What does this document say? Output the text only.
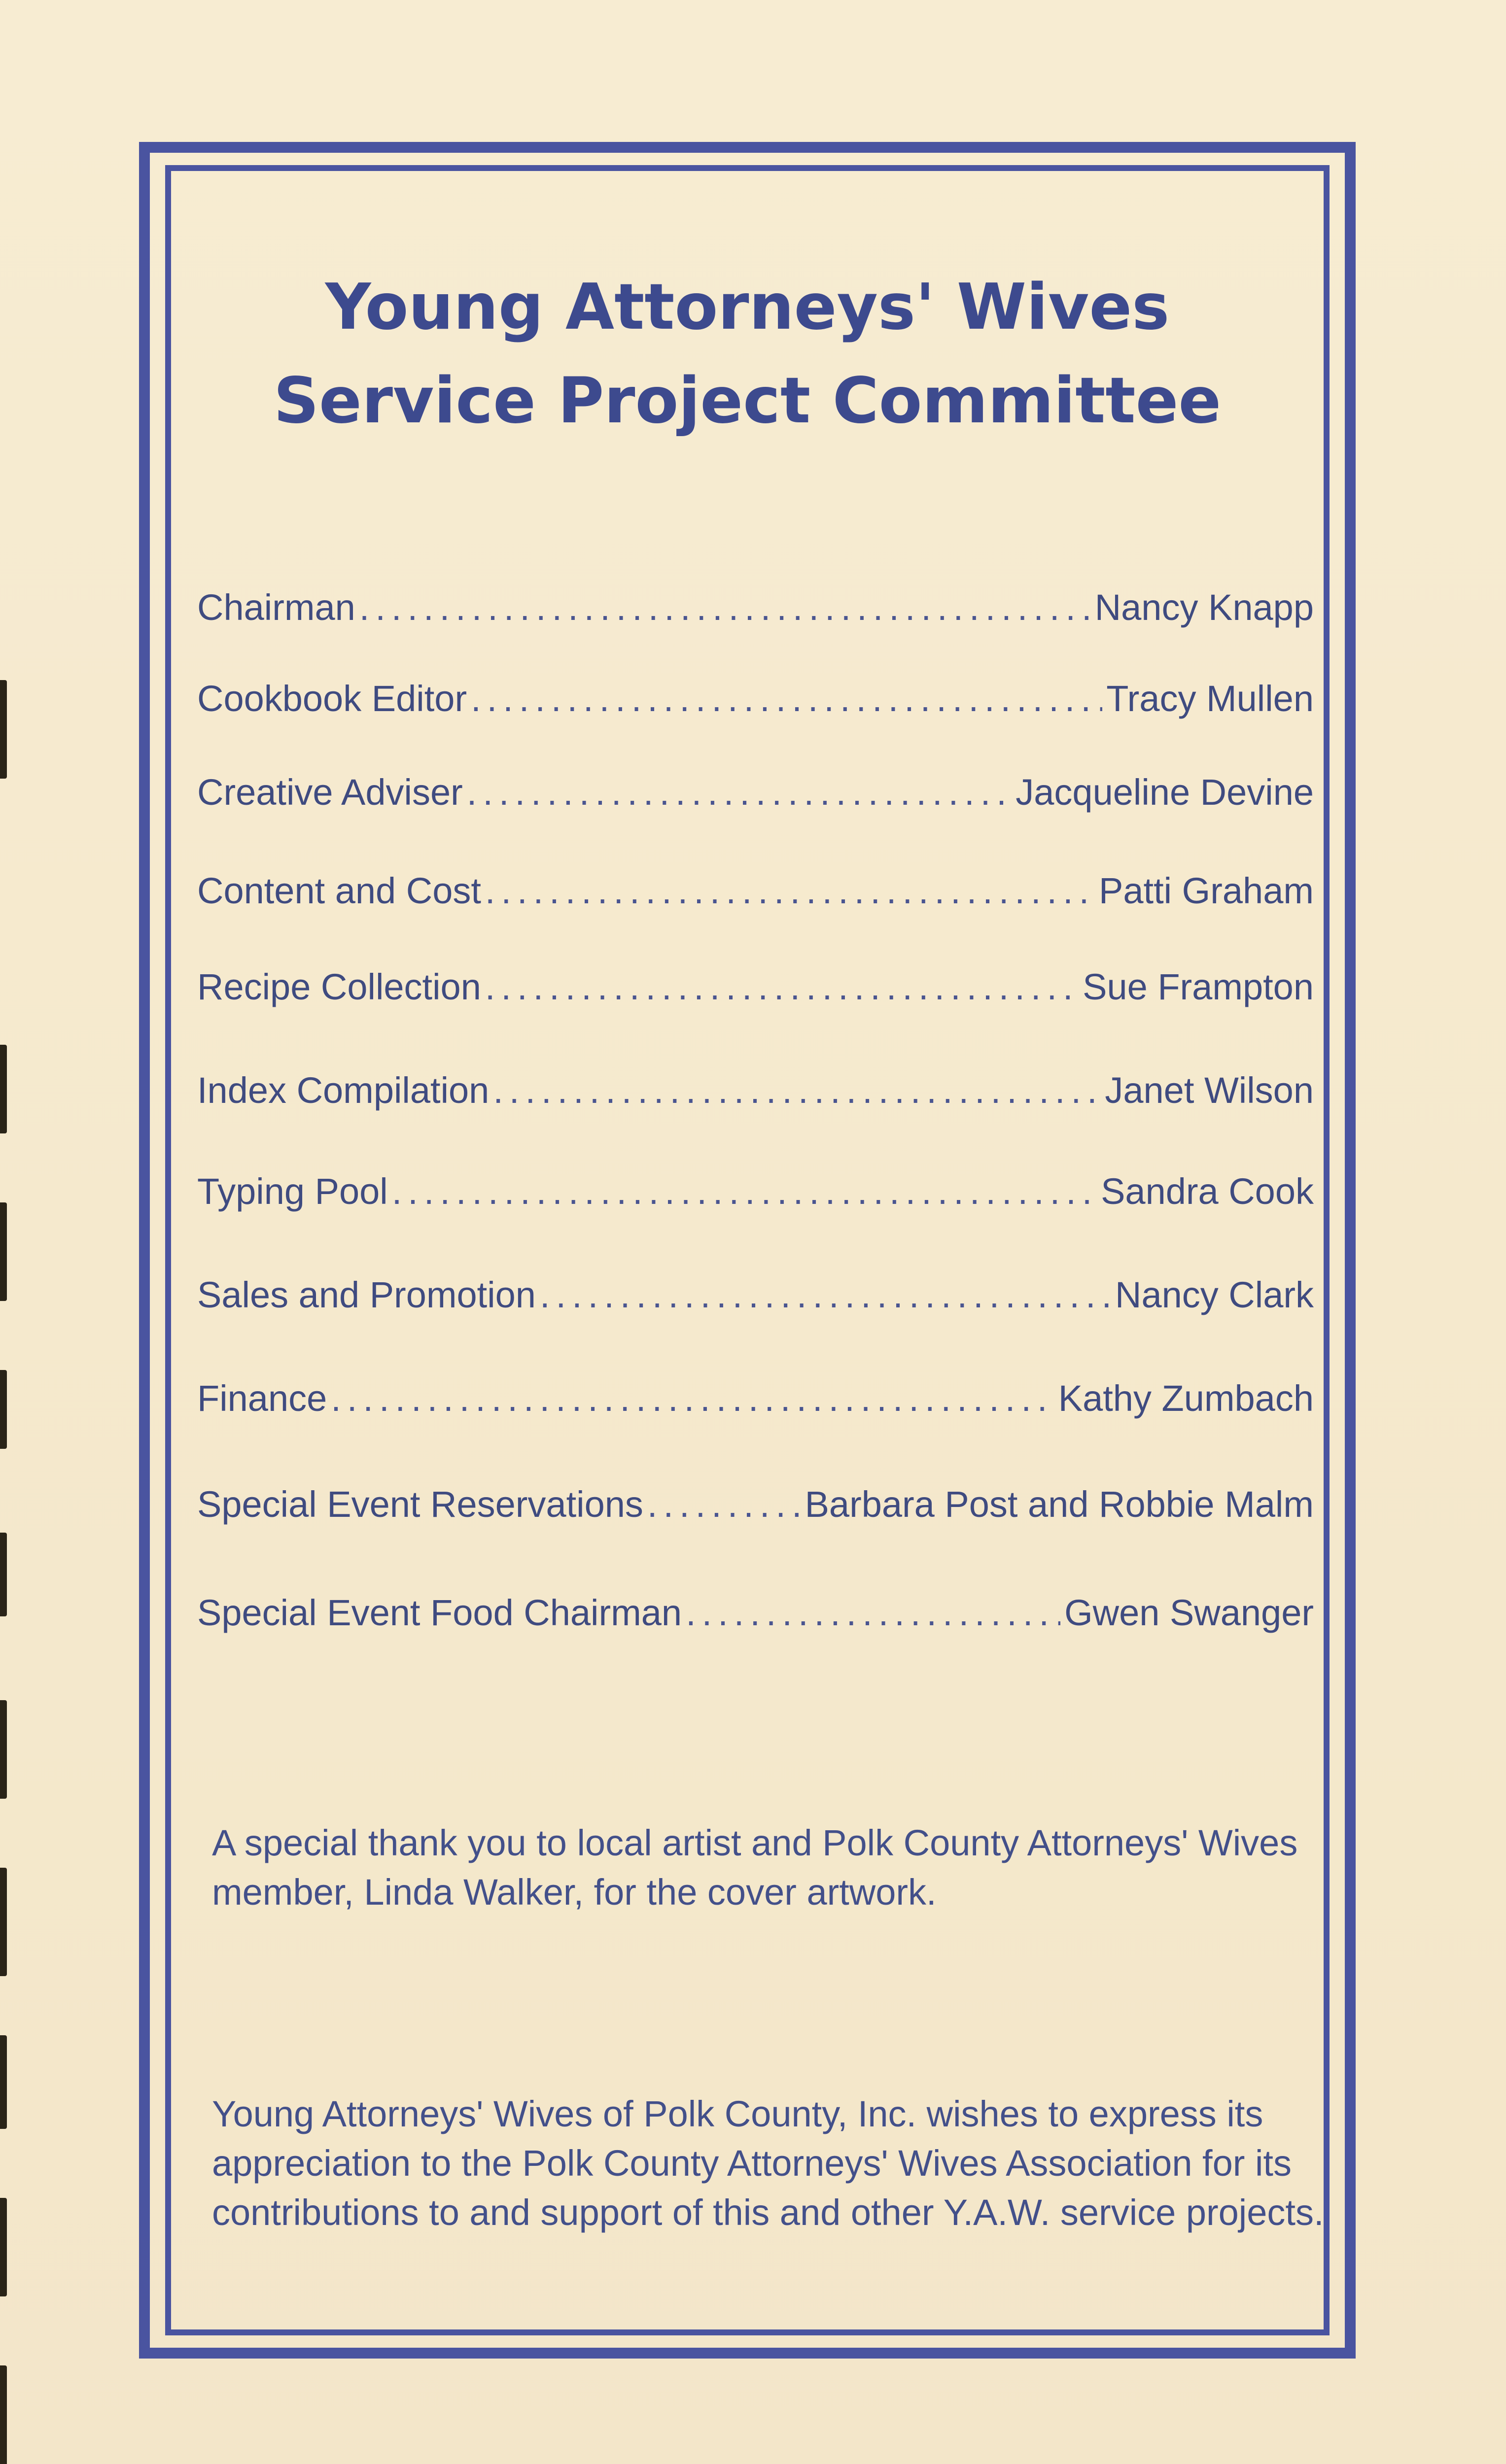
Young Attorneys' Wives
Service Project Committee
Chairman .....	Nancy Knapp
Cookbook Editor .....	Tracy Mullen
Creative Adviser .....	Jacqueline Devine
Content and Cost .....	Patti Graham
Recipe Collection .....	Sue Frampton
Index Compilation .....	Janet Wilson
Typing Pool .....	Sandra Cook
Sales and Promotion .....	Nancy Clark
Finance .....	Kathy Zumbach
Special Event Reservations .....	Barbara Post and Robbie Malm
Special Event Food Chairman .....	Gwen Swanger

A special thank you to local artist and Polk County Attorneys' Wives member, Linda Walker, for the cover artwork.

Young Attorneys' Wives of Polk County, Inc. wishes to express its appreciation to the Polk County Attorneys' Wives Association for its contributions to and support of this and other Y.A.W. service projects.
